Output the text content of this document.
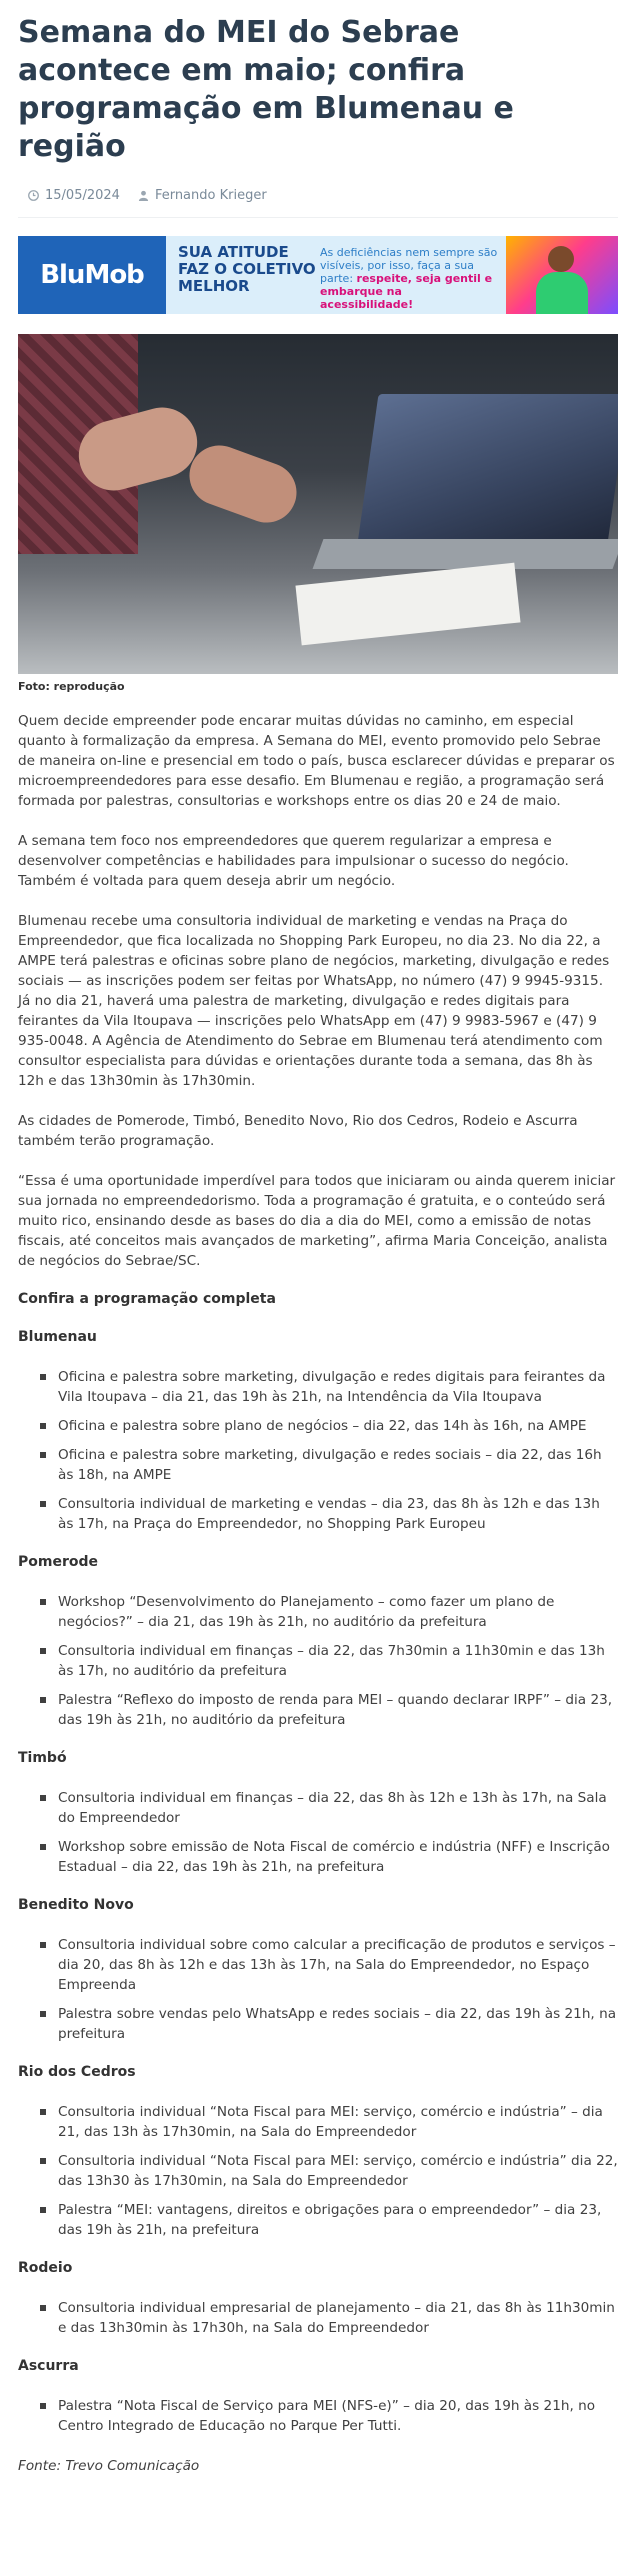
Semana do MEI do Sebrae acontece em maio; confira programação em Blumenau e região
15/05/2024	Fernando Krieger
BluMob
SUA ATITUDE
FAZ O COLETIVO
MELHOR
As deficiências nem sempre são visíveis, por isso, faça a sua parte: respeite, seja gentil e embarque na acessibilidade!
Foto: reprodução

Quem decide empreender pode encarar muitas dúvidas no caminho, em especial quanto à formalização da empresa. A Semana do MEI, evento promovido pelo Sebrae de maneira on-line e presencial em todo o país, busca esclarecer dúvidas e preparar os microempreendedores para esse desafio. Em Blumenau e região, a programação será formada por palestras, consultorias e workshops entre os dias 20 e 24 de maio.

A semana tem foco nos empreendedores que querem regularizar a empresa e desenvolver competências e habilidades para impulsionar o sucesso do negócio. Também é voltada para quem deseja abrir um negócio.

Blumenau recebe uma consultoria individual de marketing e vendas na Praça do Empreendedor, que fica localizada no Shopping Park Europeu, no dia 23. No dia 22, a AMPE terá palestras e oficinas sobre plano de negócios, marketing, divulgação e redes sociais — as inscrições podem ser feitas por WhatsApp, no número (47) 9 9945-9315. Já no dia 21, haverá uma palestra de marketing, divulgação e redes digitais para feirantes da Vila Itoupava — inscrições pelo WhatsApp em (47) 9 9983-5967 e (47) 9 935-0048. A Agência de Atendimento do Sebrae em Blumenau terá atendimento com consultor especialista para dúvidas e orientações durante toda a semana, das 8h às 12h e das 13h30min às 17h30min.

As cidades de Pomerode, Timbó, Benedito Novo, Rio dos Cedros, Rodeio e Ascurra também terão programação.

“Essa é uma oportunidade imperdível para todos que iniciaram ou ainda querem iniciar sua jornada no empreendedorismo. Toda a programação é gratuita, e o conteúdo será muito rico, ensinando desde as bases do dia a dia do MEI, como a emissão de notas fiscais, até conceitos mais avançados de marketing”, afirma Maria Conceição, analista de negócios do Sebrae/SC.

Confira a programação completa
Blumenau
Oficina e palestra sobre marketing, divulgação e redes digitais para feirantes da Vila Itoupava – dia 21, das 19h às 21h, na Intendência da Vila Itoupava
Oficina e palestra sobre plano de negócios – dia 22, das 14h às 16h, na AMPE
Oficina e palestra sobre marketing, divulgação e redes sociais – dia 22, das 16h às 18h, na AMPE
Consultoria individual de marketing e vendas – dia 23, das 8h às 12h e das 13h às 17h, na Praça do Empreendedor, no Shopping Park Europeu
Pomerode
Workshop “Desenvolvimento do Planejamento – como fazer um plano de negócios?” – dia 21, das 19h às 21h, no auditório da prefeitura
Consultoria individual em finanças – dia 22, das 7h30min a 11h30min e das 13h às 17h, no auditório da prefeitura
Palestra “Reflexo do imposto de renda para MEI – quando declarar IRPF” – dia 23, das 19h às 21h, no auditório da prefeitura
Timbó
Consultoria individual em finanças – dia 22, das 8h às 12h e 13h às 17h, na Sala do Empreendedor
Workshop sobre emissão de Nota Fiscal de comércio e indústria (NFF) e Inscrição Estadual – dia 22, das 19h às 21h, na prefeitura
Benedito Novo
Consultoria individual sobre como calcular a precificação de produtos e serviços – dia 20, das 8h às 12h e das 13h às 17h, na Sala do Empreendedor, no Espaço Empreenda
Palestra sobre vendas pelo WhatsApp e redes sociais – dia 22, das 19h às 21h, na prefeitura
Rio dos Cedros
Consultoria individual “Nota Fiscal para MEI: serviço, comércio e indústria” – dia 21, das 13h às 17h30min, na Sala do Empreendedor
Consultoria individual “Nota Fiscal para MEI: serviço, comércio e indústria” dia 22, das 13h30 às 17h30min, na Sala do Empreendedor
Palestra “MEI: vantagens, direitos e obrigações para o empreendedor” – dia 23, das 19h às 21h, na prefeitura
Rodeio
Consultoria individual empresarial de planejamento – dia 21, das 8h às 11h30min e das 13h30min às 17h30h, na Sala do Empreendedor
Ascurra
Palestra “Nota Fiscal de Serviço para MEI (NFS-e)” – dia 20, das 19h às 21h, no Centro Integrado de Educação no Parque Per Tutti.

Fonte: Trevo Comunicação
